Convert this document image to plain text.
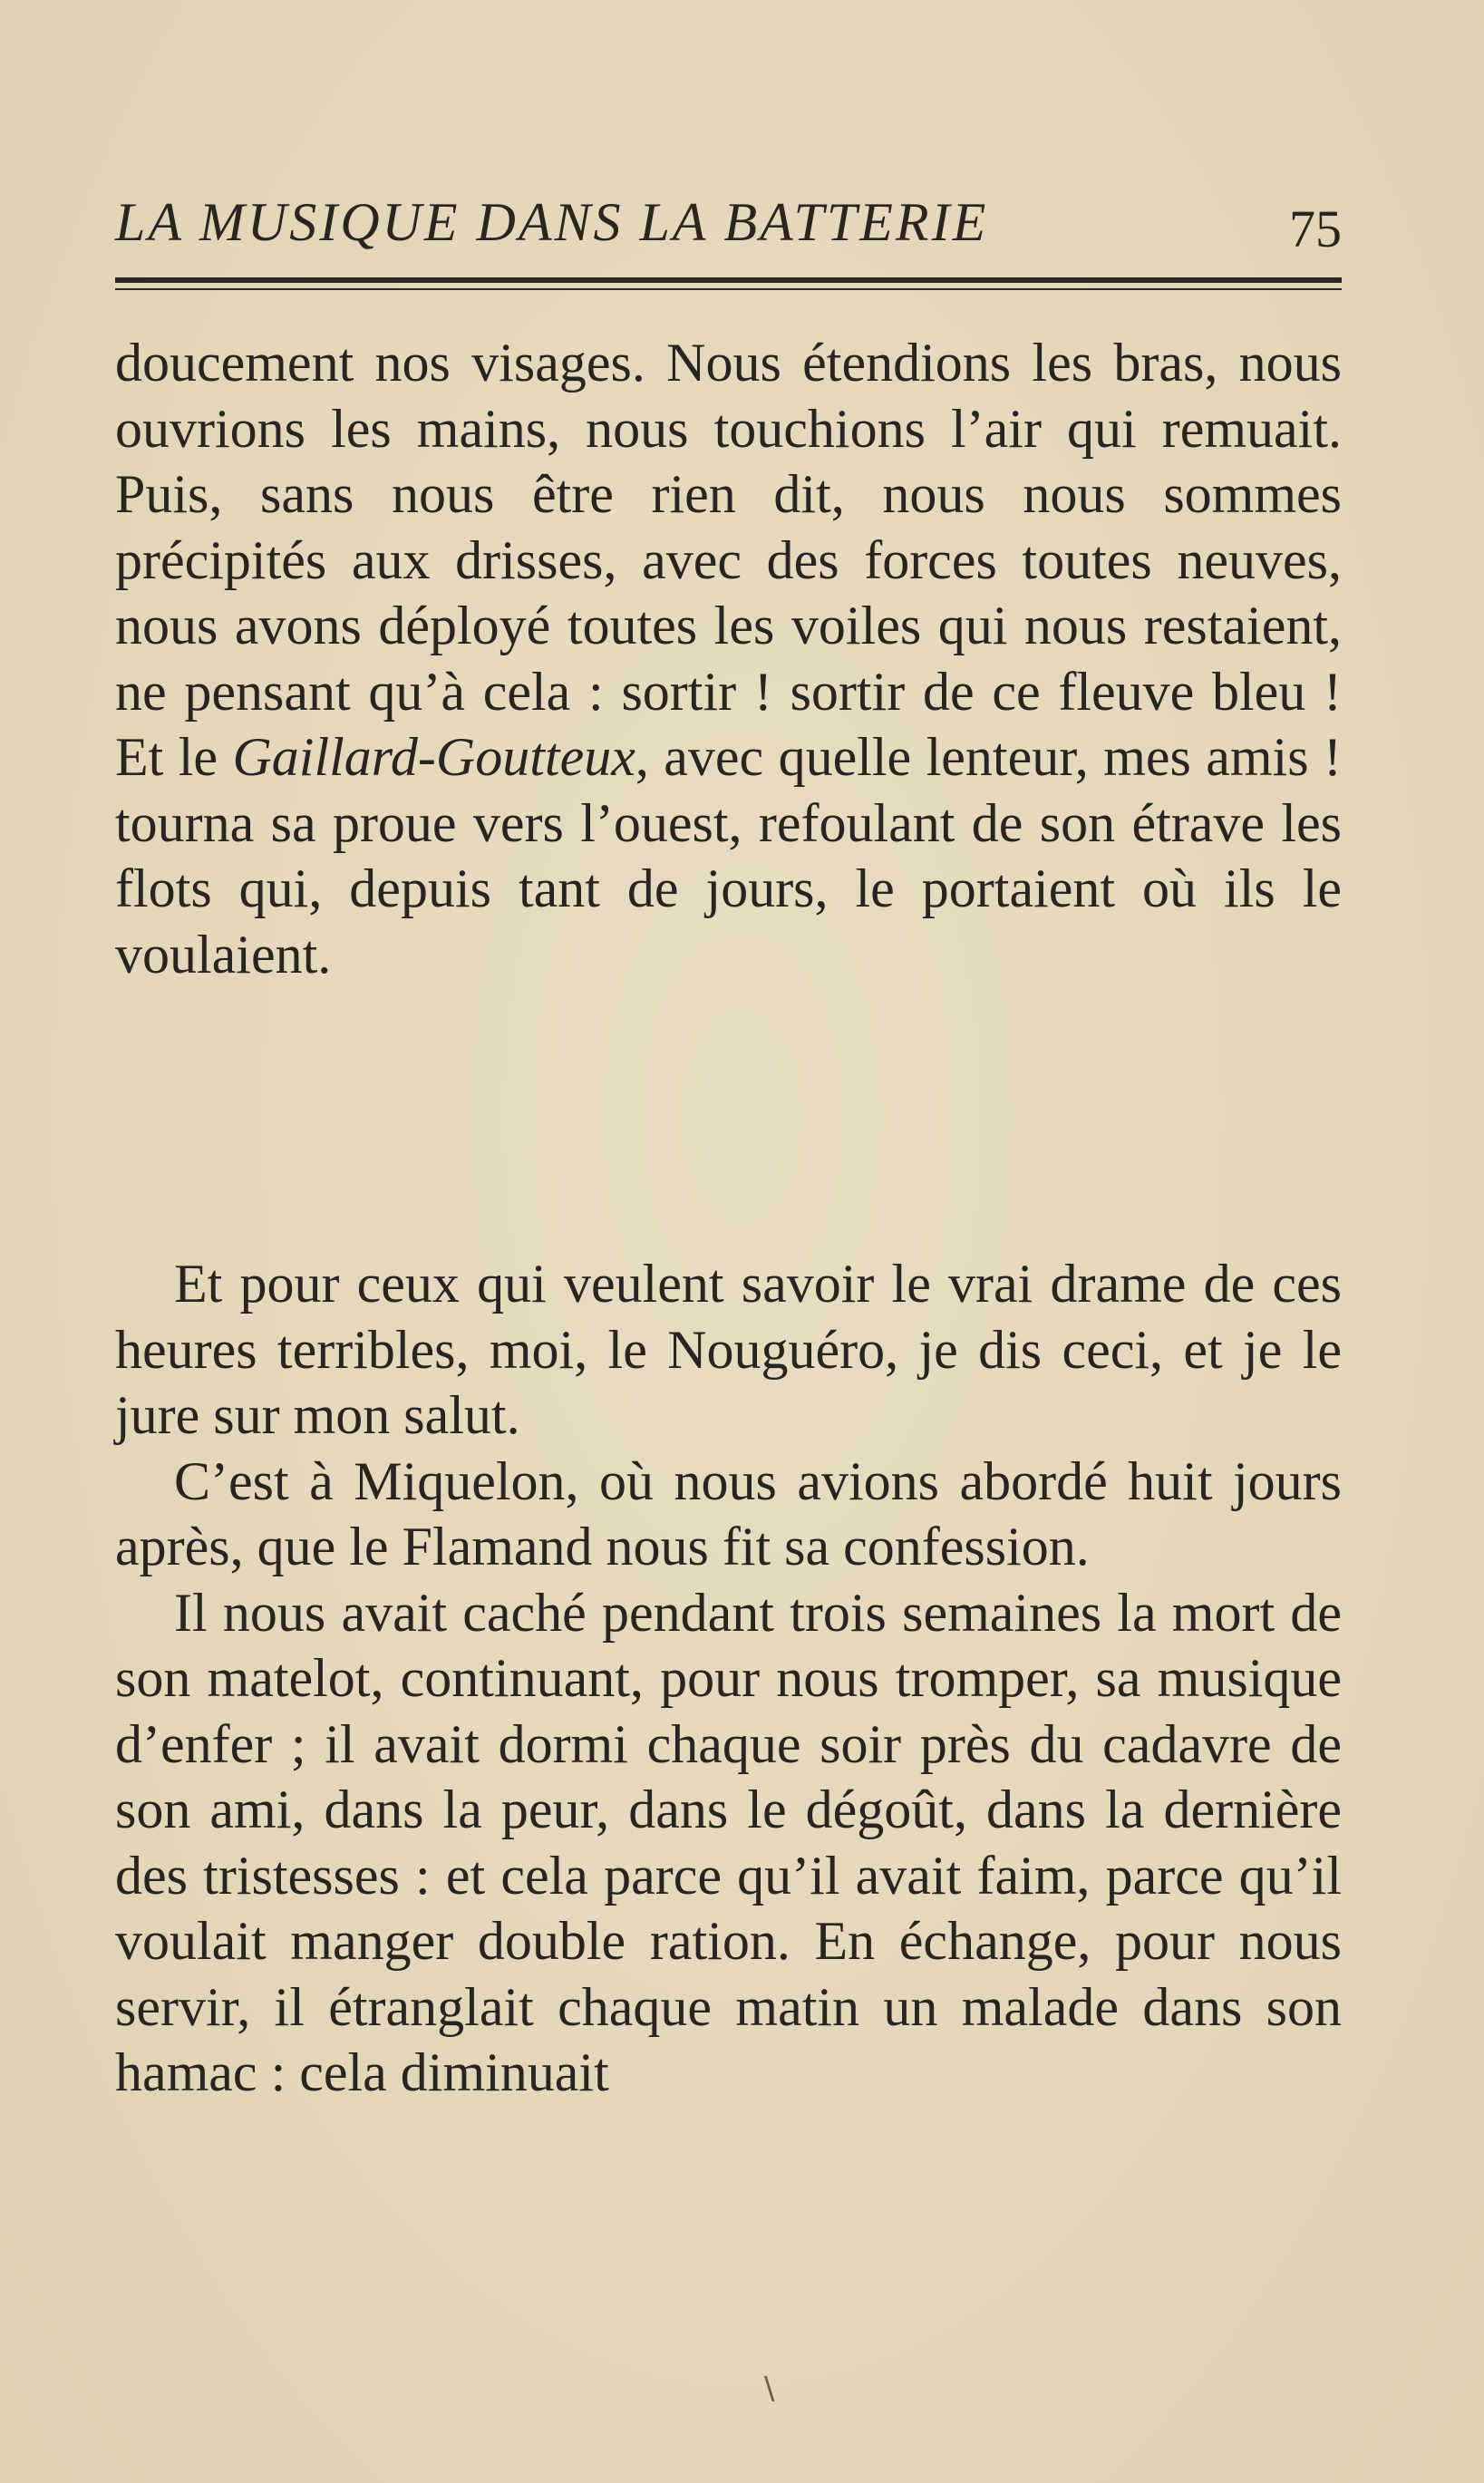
LA MUSIQUE DANS LA BATTERIE	75

doucement nos visages. Nous étendions les bras, nous ouvrions les mains, nous touchions l’air qui remuait. Puis, sans nous être rien dit, nous nous sommes précipités aux drisses, avec des forces toutes neuves, nous avons déployé toutes les voiles qui nous restaient, ne pensant qu’à cela : sortir ! sortir de ce fleuve bleu ! Et le Gaillard-Goutteux, avec quelle lenteur, mes amis ! tourna sa proue vers l’ouest, refoulant de son étrave les flots qui, depuis tant de jours, le portaient où ils le voulaient.

Et pour ceux qui veulent savoir le vrai drame de ces heures terribles, moi, le Nouguéro, je dis ceci, et je le jure sur mon salut.

C’est à Miquelon, où nous avions abordé huit jours après, que le Flamand nous fit sa confession.

Il nous avait caché pendant trois semaines la mort de son matelot, continuant, pour nous tromper, sa musique d’enfer ; il avait dormi chaque soir près du cadavre de son ami, dans la peur, dans le dégoût, dans la dernière des tristesses : et cela parce qu’il avait faim, parce qu’il voulait manger double ration. En échange, pour nous servir, il étranglait chaque matin un malade dans son hamac : cela diminuait

\
